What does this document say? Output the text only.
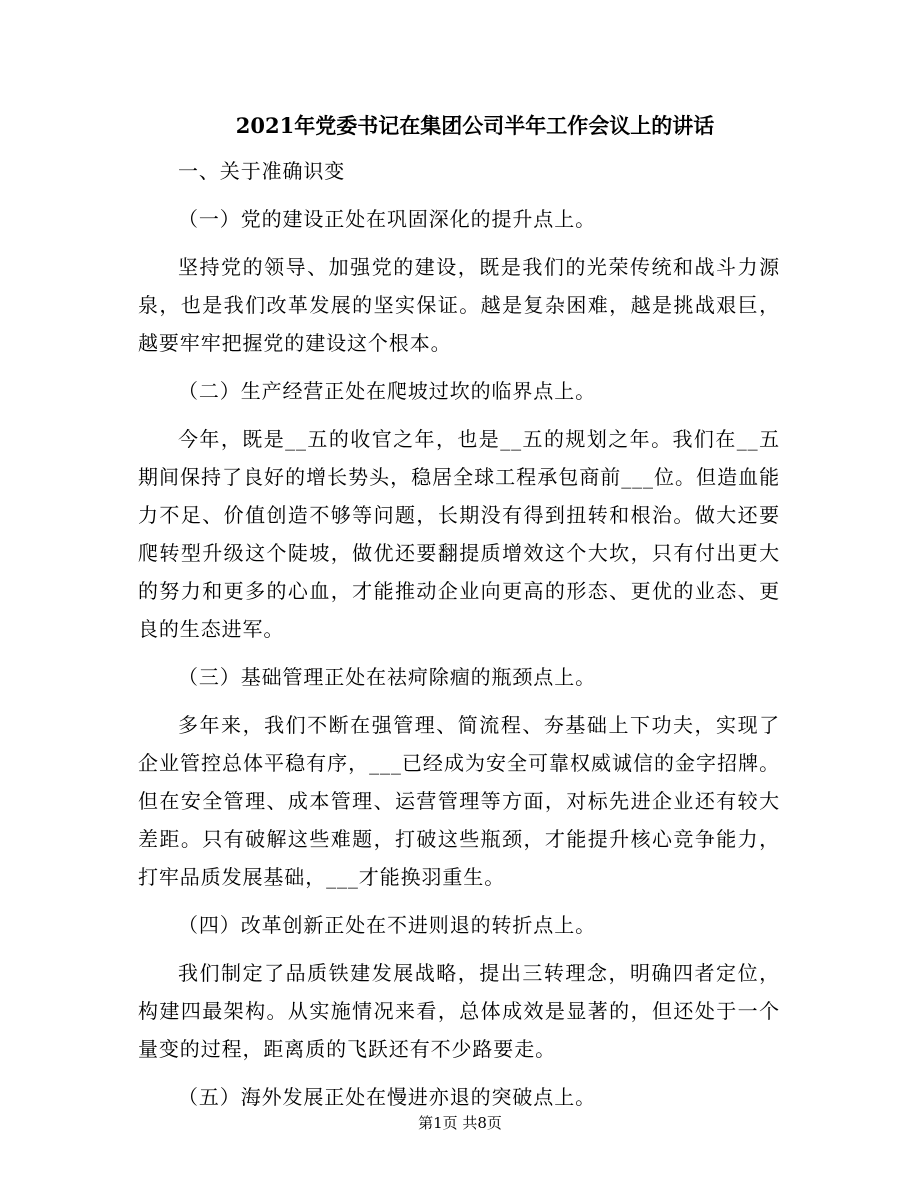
2021年党委书记在集团公司半年工作会议上的讲话

一、关于准确识变

（一）党的建设正处在巩固深化的提升点上。

坚持党的领导、加强党的建设，既是我们的光荣传统和战斗力源泉，也是我们改革发展的坚实保证。越是复杂困难，越是挑战艰巨，越要牢牢把握党的建设这个根本。

（二）生产经营正处在爬坡过坎的临界点上。

今年，既是__五的收官之年，也是__五的规划之年。我们在__五期间保持了良好的增长势头，稳居全球工程承包商前___位。但造血能力不足、价值创造不够等问题，长期没有得到扭转和根治。做大还要爬转型升级这个陡坡，做优还要翻提质增效这个大坎，只有付出更大的努力和更多的心血，才能推动企业向更高的形态、更优的业态、更良的生态进军。

（三）基础管理正处在祛疴除痼的瓶颈点上。

多年来，我们不断在强管理、简流程、夯基础上下功夫，实现了企业管控总体平稳有序，___已经成为安全可靠权威诚信的金字招牌。但在安全管理、成本管理、运营管理等方面，对标先进企业还有较大差距。只有破解这些难题，打破这些瓶颈，才能提升核心竞争能力，打牢品质发展基础，___才能换羽重生。

（四）改革创新正处在不进则退的转折点上。

我们制定了品质铁建发展战略，提出三转理念，明确四者定位，构建四最架构。从实施情况来看，总体成效是显著的，但还处于一个量变的过程，距离质的飞跃还有不少路要走。

（五）海外发展正处在慢进亦退的突破点上。

第1页 共8页
